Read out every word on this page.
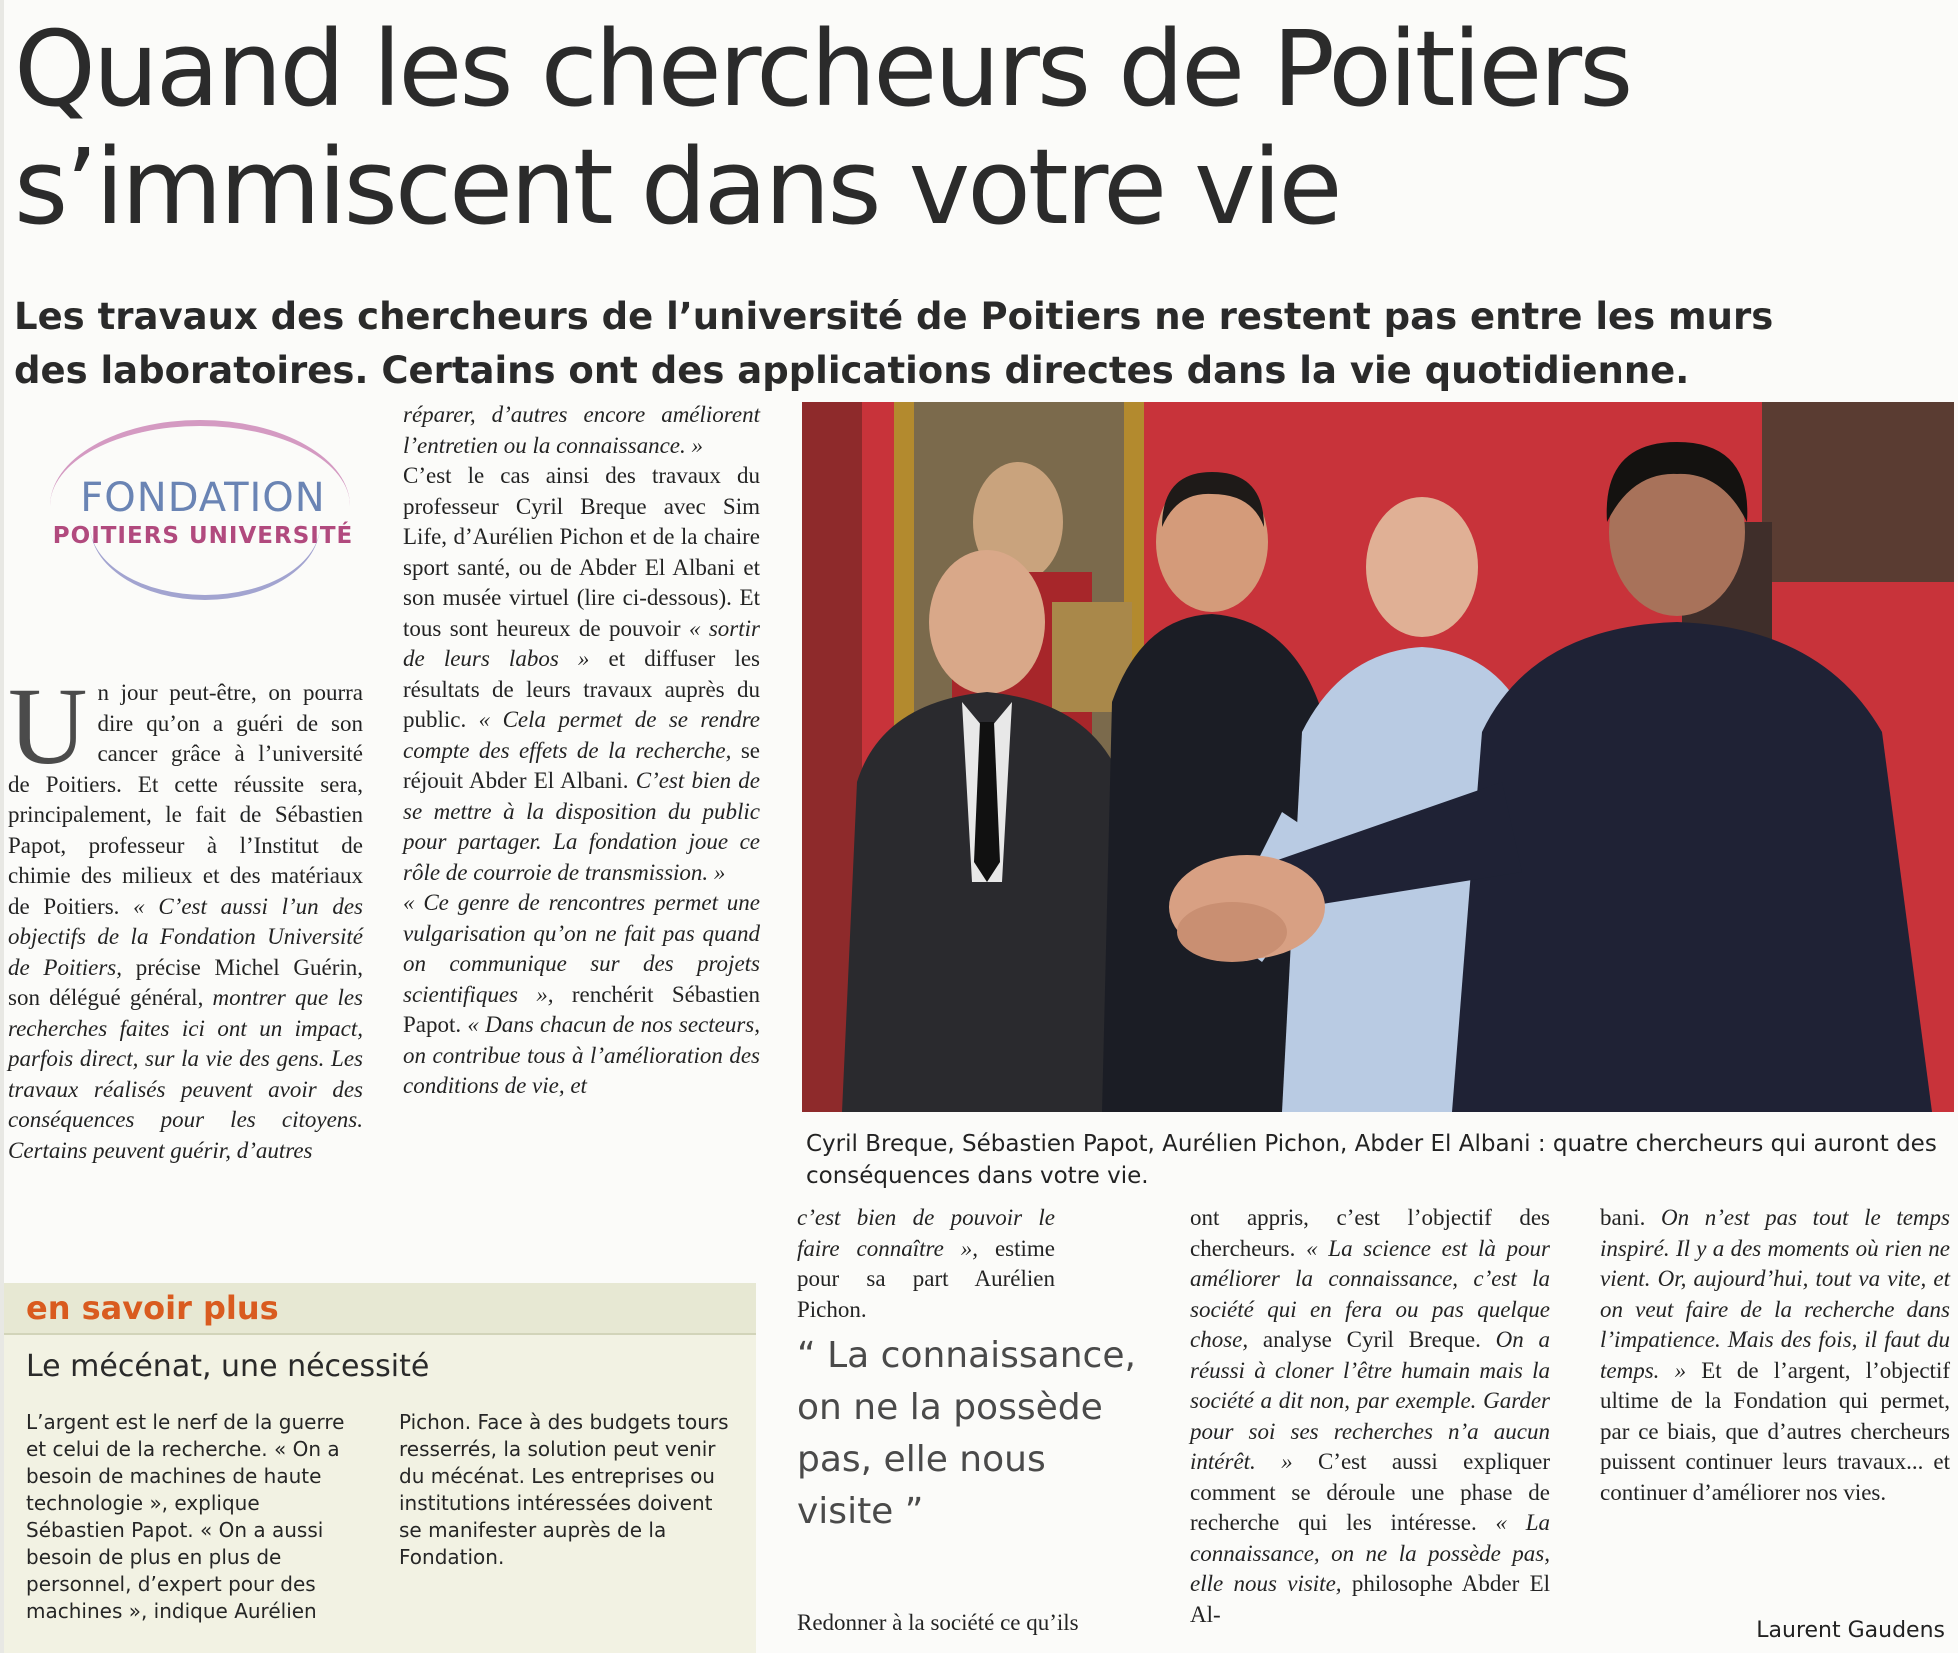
Quand les chercheurs de Poitiers
s’immiscent dans votre vie
Les travaux des chercheurs de l’université de Poitiers ne restent pas entre les murs
des laboratoires. Certains ont des applications directes dans la vie quotidienne.
FONDATION
POITIERS UNIVERSITÉ

Un jour peut-être, on pourra dire qu’on a guéri de son cancer grâce à l’université de Poitiers. Et cette réussite sera, principalement, le fait de Sébastien Papot, professeur à l’Institut de chimie des milieux et des matériaux de Poitiers. « C’est aussi l’un des objectifs de la Fondation Université de Poitiers, précise Michel Guérin, son délégué général, montrer que les recherches faites ici ont un impact, parfois direct, sur la vie des gens. Les travaux réalisés peuvent avoir des conséquences pour les citoyens. Certains peuvent guérir, d’autres

réparer, d’autres encore améliorent l’entretien ou la connaissance. »

C’est le cas ainsi des travaux du professeur Cyril Breque avec Sim Life, d’Aurélien Pichon et de la chaire sport santé, ou de Abder El Albani et son musée virtuel (lire ci-dessous). Et tous sont heureux de pouvoir « sortir de leurs labos » et diffuser les résultats de leurs travaux auprès du public. « Cela permet de se rendre compte des effets de la recherche, se réjouit Abder El Albani. C’est bien de se mettre à la disposition du public pour partager. La fondation joue ce rôle de courroie de transmission. »

« Ce genre de rencontres permet une vulgarisation qu’on ne fait pas quand on communique sur des projets scientifiques », renchérit Sébastien Papot. « Dans chacun de nos secteurs, on contribue tous à l’amélioration des conditions de vie, et

Cyril Breque, Sébastien Papot, Aurélien Pichon, Abder El Albani : quatre chercheurs qui auront des conséquences dans votre vie.

c’est bien de pouvoir le faire connaître », estime pour sa part Aurélien Pichon.

“ La connaissance, on ne la possède pas, elle nous visite ”

Redonner à la société ce qu’ils

ont appris, c’est l’objectif des chercheurs. « La science est là pour améliorer la connaissance, c’est la société qui en fera ou pas quelque chose, analyse Cyril Breque. On a réussi à cloner l’être humain mais la société a dit non, par exemple. Garder pour soi ses recherches n’a aucun intérêt. » C’est aussi expliquer comment se déroule une phase de recherche qui les intéresse. « La connaissance, on ne la possède pas, elle nous visite, philosophe Abder El Al-

bani. On n’est pas tout le temps inspiré. Il y a des moments où rien ne vient. Or, aujourd’hui, tout va vite, et on veut faire de la recherche dans l’impatience. Mais des fois, il faut du temps. » Et de l’argent, l’objectif ultime de la Fondation qui permet, par ce biais, que d’autres chercheurs puissent continuer leurs travaux... et continuer d’améliorer nos vies.

Laurent Gaudens
en savoir plus
Le mécénat, une nécessité
L’argent est le nerf de la guerre et celui de la recherche. « On a besoin de machines de haute technologie », explique Sébastien Papot. « On a aussi besoin de plus en plus de personnel, d’expert pour des machines », indique Aurélien
Pichon. Face à des budgets tours resserrés, la solution peut venir du mécénat. Les entreprises ou institutions intéressées doivent se manifester auprès de la Fondation.
